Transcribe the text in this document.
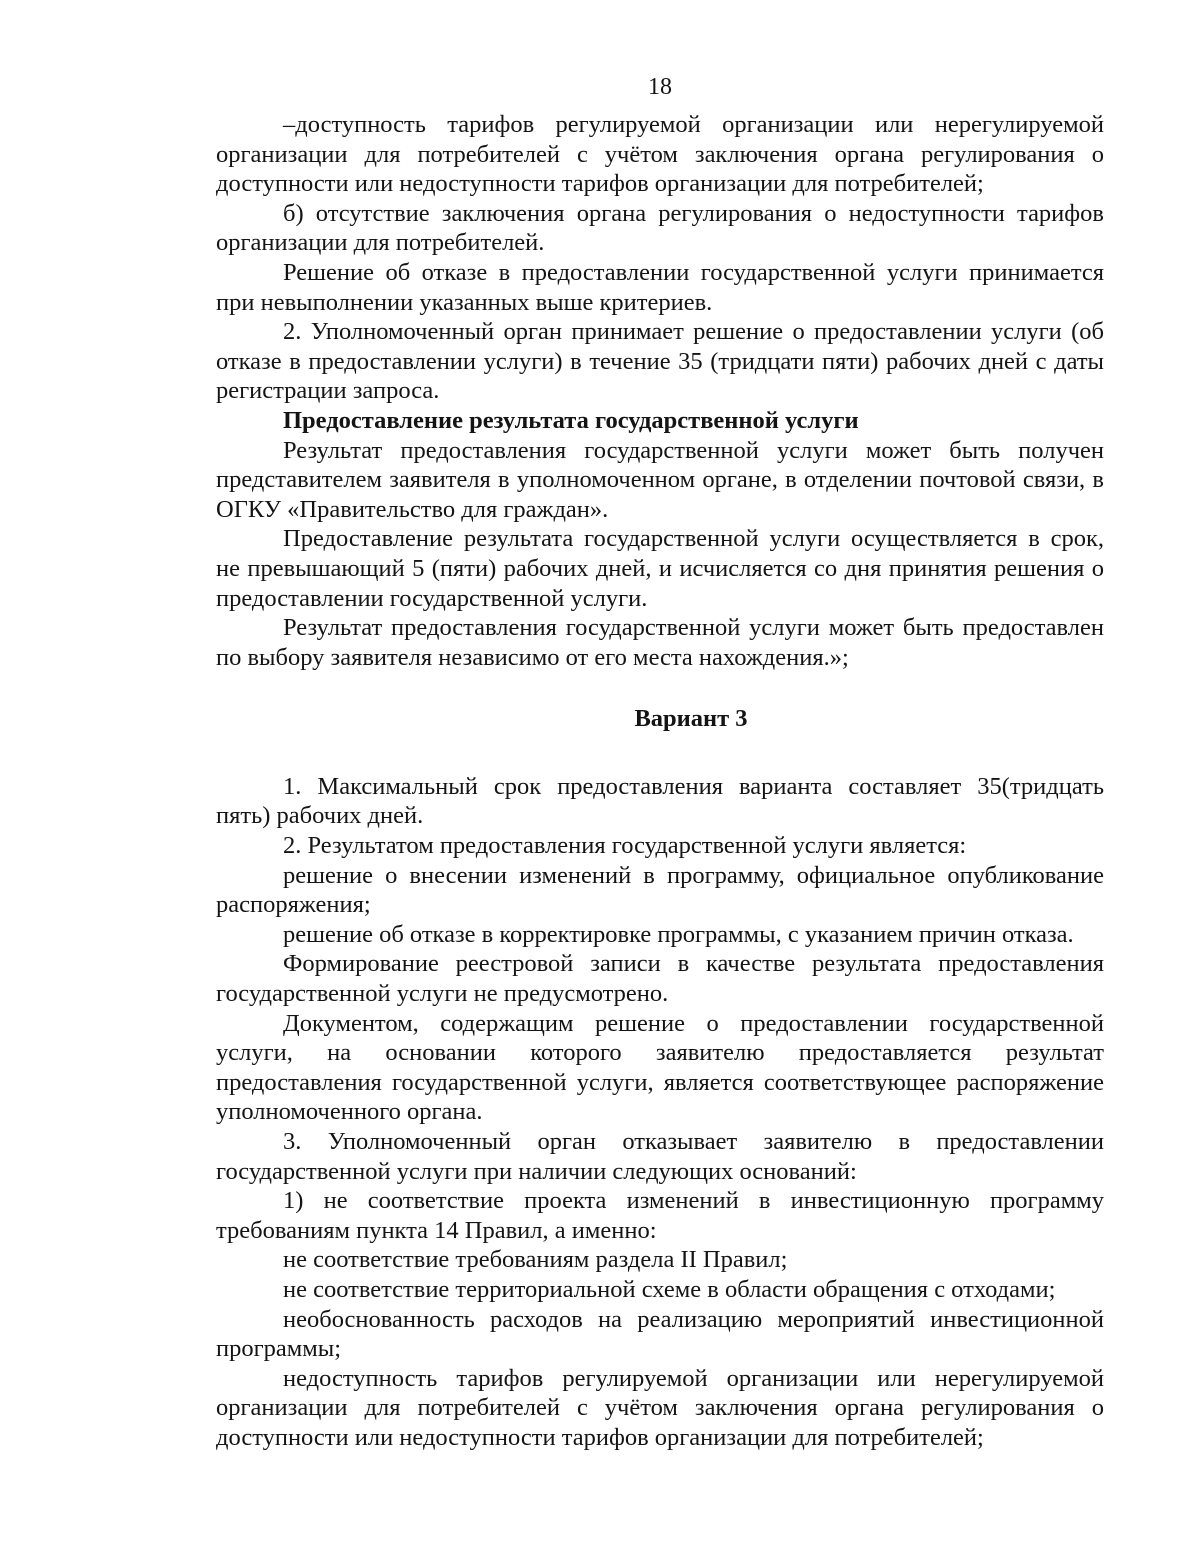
18

–доступность тарифов регулируемой организации или нерегулируемой организации для потребителей с учётом заключения органа регулирования о доступности или недоступности тарифов организации для потребителей;

б) отсутствие заключения органа регулирования о недоступности тарифов организации для потребителей.

Решение об отказе в предоставлении государственной услуги принимается при невыполнении указанных выше критериев.

2. Уполномоченный орган принимает решение о предоставлении услуги (об отказе в предоставлении услуги) в течение 35 (тридцати пяти) рабочих дней с даты регистрации запроса.

Предоставление результата государственной услуги

Результат предоставления государственной услуги может быть получен представителем заявителя в уполномоченном органе, в отделении почтовой связи, в ОГКУ «Правительство для граждан».

Предоставление результата государственной услуги осуществляется в срок, не превышающий 5 (пяти) рабочих дней, и исчисляется со дня принятия решения о предоставлении государственной услуги.

Результат предоставления государственной услуги может быть предоставлен по выбору заявителя независимо от его места нахождения.»;

Вариант 3

1. Максимальный срок предоставления варианта составляет 35(тридцать пять) рабочих дней.

2. Результатом предоставления государственной услуги является:

решение о внесении изменений в программу, официальное опубликование распоряжения;

решение об отказе в корректировке программы, с указанием причин отказа.

Формирование реестровой записи в качестве результата предоставления государственной услуги не предусмотрено.

Документом, содержащим решение о предоставлении государственной услуги, на основании которого заявителю предоставляется результат предоставления государственной услуги, является соответствующее распоряжение уполномоченного органа.

3. Уполномоченный орган отказывает заявителю в предоставлении государственной услуги при наличии следующих оснований:

1) не соответствие проекта изменений в инвестиционную программу требованиям пункта 14 Правил, а именно:

не соответствие требованиям раздела II Правил;

не соответствие территориальной схеме в области обращения с отходами;

необоснованность расходов на реализацию мероприятий инвестиционной программы;

недоступность тарифов регулируемой организации или нерегулируемой организации для потребителей с учётом заключения органа регулирования о доступности или недоступности тарифов организации для потребителей;
